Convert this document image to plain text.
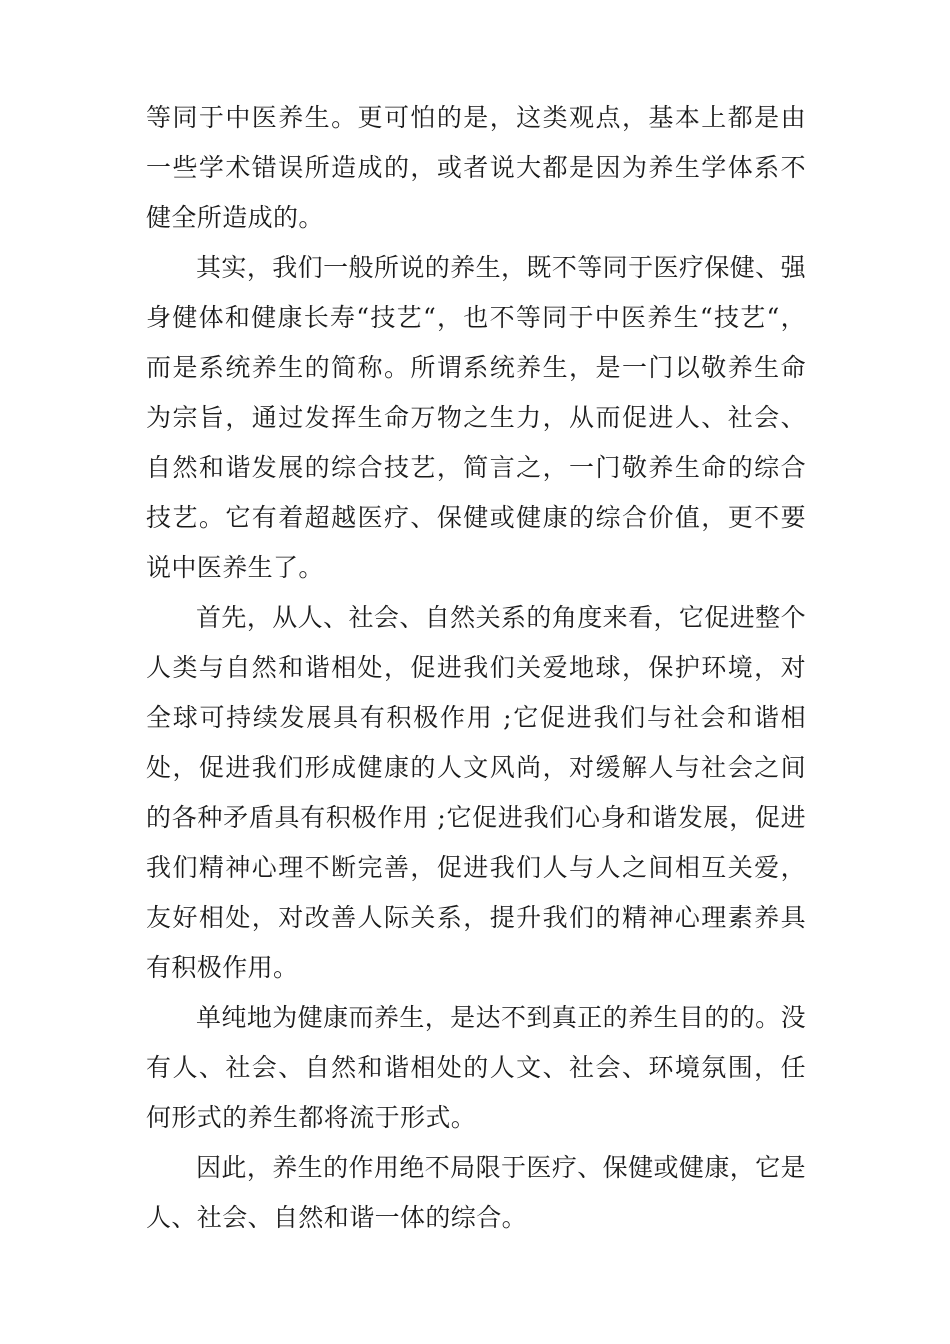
等同于中医养生。更可怕的是，这类观点，基本上都是由一些学术错误所造成的，或者说大都是因为养生学体系不健全所造成的。

其实，我们一般所说的养生，既不等同于医疗保健、强身健体和健康长寿“技艺“，也不等同于中医养生“技艺“，而是系统养生的简称。所谓系统养生，是一门以敬养生命为宗旨，通过发挥生命万物之生力，从而促进人、社会、自然和谐发展的综合技艺，简言之，一门敬养生命的综合技艺。它有着超越医疗、保健或健康的综合价值，更不要说中医养生了。

首先，从人、社会、自然关系的角度来看，它促进整个人类与自然和谐相处，促进我们关爱地球，保护环境，对全球可持续发展具有积极作用 ;它促进我们与社会和谐相处，促进我们形成健康的人文风尚，对缓解人与社会之间的各种矛盾具有积极作用 ;它促进我们心身和谐发展，促进我们精神心理不断完善，促进我们人与人之间相互关爱，友好相处，对改善人际关系，提升我们的精神心理素养具有积极作用。

单纯地为健康而养生，是达不到真正的养生目的的。没有人、社会、自然和谐相处的人文、社会、环境氛围，任何形式的养生都将流于形式。

因此，养生的作用绝不局限于医疗、保健或健康，它是人、社会、自然和谐一体的综合。
